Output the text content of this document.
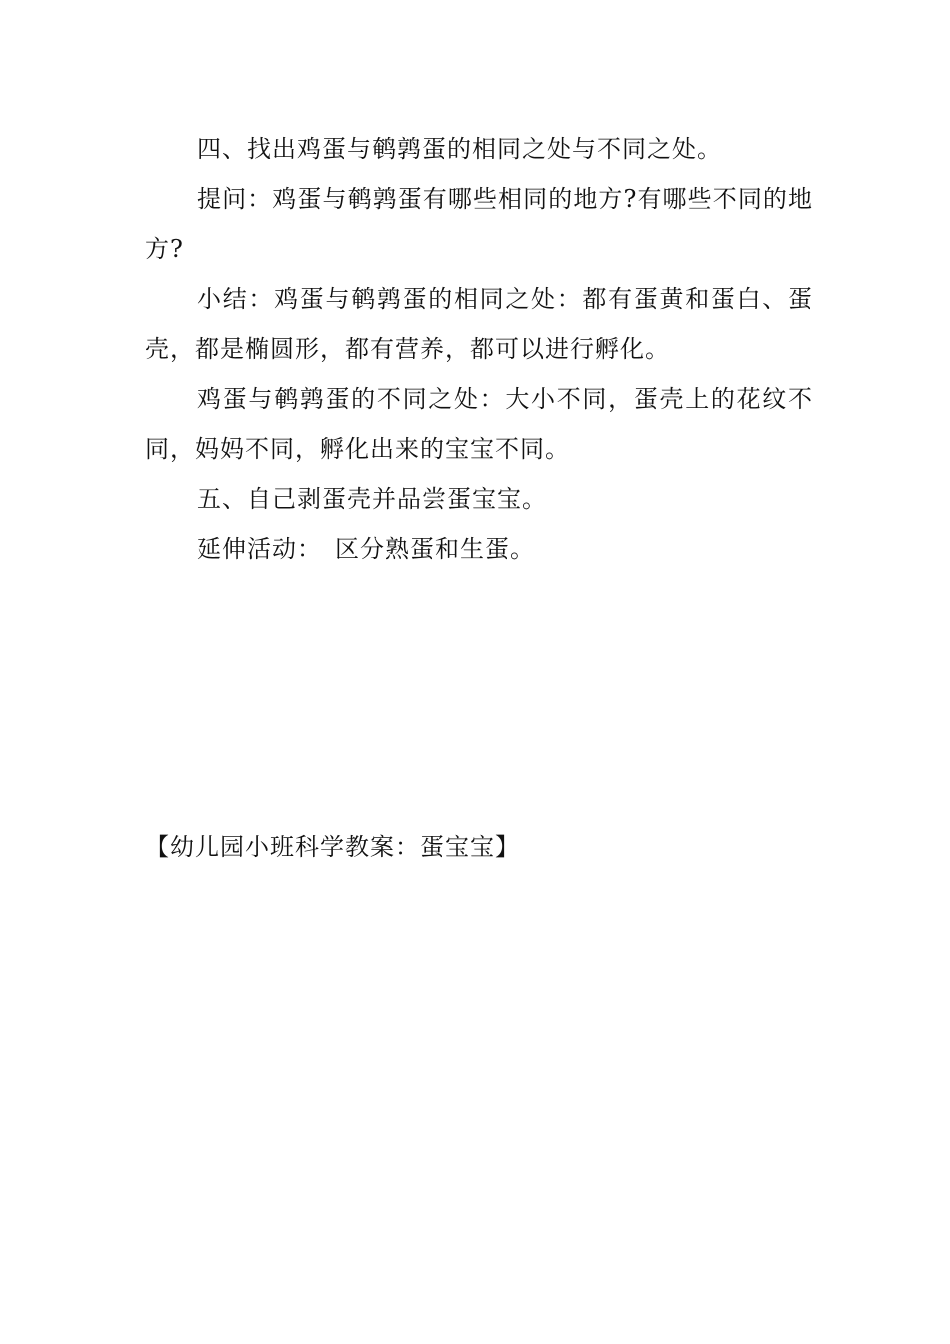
四、找出鸡蛋与鹌鹑蛋的相同之处与不同之处。

提问：鸡蛋与鹌鹑蛋有哪些相同的地方?有哪些不同的地方?

小结：鸡蛋与鹌鹑蛋的相同之处：都有蛋黄和蛋白、蛋壳，都是椭圆形，都有营养，都可以进行孵化。

鸡蛋与鹌鹑蛋的不同之处：大小不同，蛋壳上的花纹不同，妈妈不同，孵化出来的宝宝不同。

五、自己剥蛋壳并品尝蛋宝宝。

延伸活动：　区分熟蛋和生蛋。

【幼儿园小班科学教案：蛋宝宝】
